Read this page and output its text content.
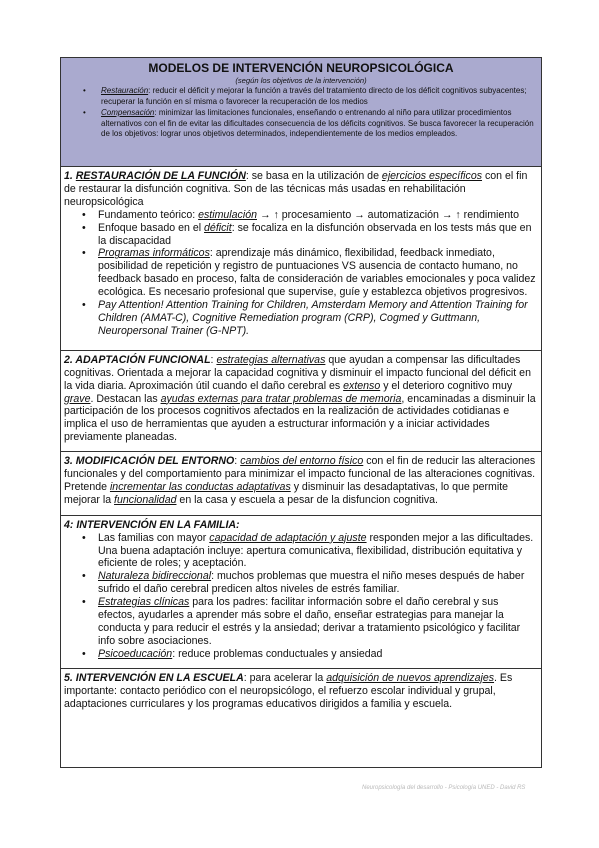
MODELOS DE INTERVENCIÓN NEUROPSICOLÓGICA
(según los objetivos de la intervención)
• Restauración: reducir el déficit y mejorar la función a través del tratamiento directo de los déficit cognitivos subyacentes; recuperar la función en sí misma o favorecer la recuperación de los medios
• Compensación: minimizar las limitaciones funcionales, enseñando o entrenando al niño para utilizar procedimientos alternativos con el fin de evitar las dificultades consecuencia de los déficits cognitivos. Se busca favorecer la recuperación de los objetivos: lograr unos objetivos determinados, independientemente de los medios empleados.
1. RESTAURACIÓN DE LA FUNCIÓN: se basa en la utilización de ejercicios específicos con el fin de restaurar la disfunción cognitiva. Son de las técnicas más usadas en rehabilitación neuropsicológica
• Fundamento teórico: estimulación → ↑ procesamiento → automatización → ↑ rendimiento
• Enfoque basado en el déficit: se focaliza en la disfunción observada en los tests más que en la discapacidad
• Programas informáticos: aprendizaje más dinámico, flexibilidad, feedback inmediato, posibilidad de repetición y registro de puntuaciones VS ausencia de contacto humano, no feedback basado en proceso, falta de consideración de variables emocionales y poca validez ecológica. Es necesario profesional que supervise, guíe y establezca objetivos progresivos.
• Pay Attention! Attention Training for Children, Amsterdam Memory and Attention Training for Children (AMAT-C), Cognitive Remediation program (CRP), Cogmed y Guttmann, Neuropersonal Trainer (G-NPT).
2. ADAPTACIÓN FUNCIONAL: estrategias alternativas que ayudan a compensar las dificultades cognitivas. Orientada a mejorar la capacidad cognitiva y disminuir el impacto funcional del déficit en la vida diaria. Aproximación útil cuando el daño cerebral es extenso y el deterioro cognitivo muy grave. Destacan las ayudas externas para tratar problemas de memoria, encaminadas a disminuir la participación de los procesos cognitivos afectados en la realización de actividades cotidianas e implica el uso de herramientas que ayuden a estructurar información y a iniciar actividades previamente planeadas.
3. MODIFICACIÓN DEL ENTORNO: cambios del entorno físico con el fin de reducir las alteraciones funcionales y del comportamiento para minimizar el impacto funcional de las alteraciones cognitivas. Pretende incrementar las conductas adaptativas y disminuir las desadaptativas, lo que permite mejorar la funcionalidad en la casa y escuela a pesar de la disfuncion cognitiva.
4: INTERVENCIÓN EN LA FAMILIA:
• Las familias con mayor capacidad de adaptación y ajuste responden mejor a las dificultades. Una buena adaptación incluye: apertura comunicativa, flexibilidad, distribución equitativa y eficiente de roles; y aceptación.
• Naturaleza bidireccional: muchos problemas que muestra el niño meses después de haber sufrido el daño cerebral predicen altos niveles de estrés familiar.
• Estrategias clínicas para los padres: facilitar información sobre el daño cerebral y sus efectos, ayudarles a aprender más sobre el daño, enseñar estrategias para manejar la conducta y para reducir el estrés y la ansiedad; derivar a tratamiento psicológico y facilitar info sobre asociaciones.
• Psicoeducación: reduce problemas conductuales y ansiedad
5. INTERVENCIÓN EN LA ESCUELA: para acelerar la adquisición de nuevos aprendizajes. Es importante: contacto periódico con el neuropsicólogo, el refuerzo escolar individual y grupal, adaptaciones curriculares y los programas educativos dirigidos a familia y escuela.
Neuropsicología del desarrollo - Psicología UNED - David RS
